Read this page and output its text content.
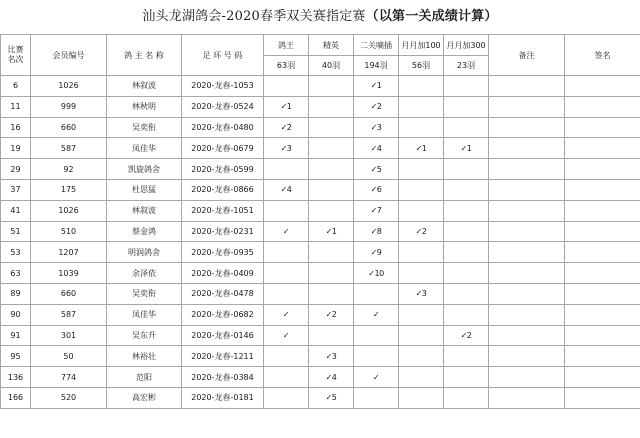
汕头龙湖鸽会-2020春季双关赛指定赛（以第一关成绩计算）
比赛
名次	会员编号	鸽 主 名 称	足 环 号 码	鸽王	精英	二关嘀插	月月加100	月月加300	备注	签名
				63羽	40羽	194羽	56羽	23羽		
6	1026	林叙波	2020-龙春-1053			✓1				
11	999	林秋明	2020-龙春-0524	✓1		✓2				
16	660	吴奕衔	2020-龙春-0480	✓2		✓3				
19	587	凤佳华	2020-龙春-0679	✓3		✓4	✓1	✓1		
29	92	凯旋鸽舍	2020-龙春-0599			✓5				
37	175	杜思猛	2020-龙春-0866	✓4		✓6				
41	1026	林叙波	2020-龙春-1051			✓7				
51	510	蔡金鸿	2020-龙春-0231	✓	✓1	✓8	✓2			
53	1207	明润鸽舍	2020-龙春-0935			✓9				
63	1039	余泽依	2020-龙春-0409			✓10				
89	660	吴奕衔	2020-龙春-0478				✓3			
90	587	凤佳华	2020-龙春-0682	✓	✓2	✓				
91	301	吴东升	2020-龙春-0146	✓				✓2		
95	50	林裕壮	2020-龙春-1211		✓3					
136	774	范阳	2020-龙春-0384		✓4	✓				
166	520	高宏彬	2020-龙春-0181		✓5					
